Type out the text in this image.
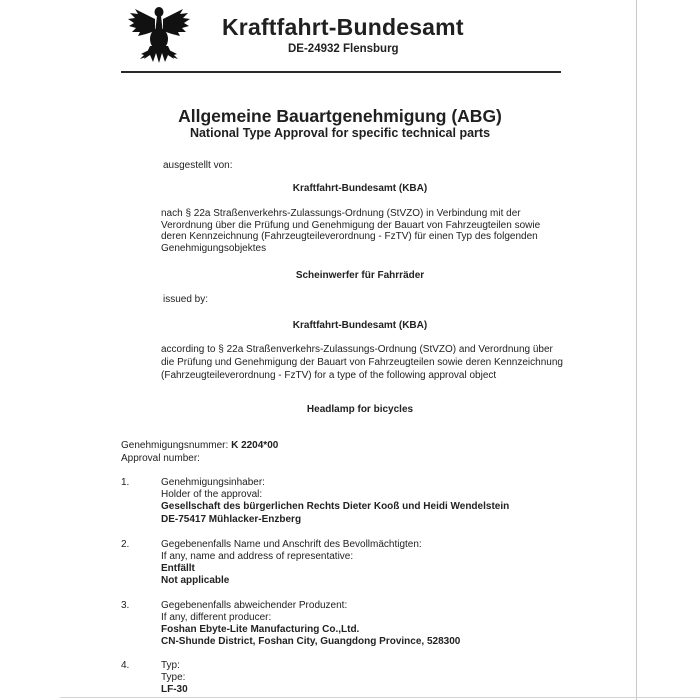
Kraftfahrt-Bundesamt
DE-24932 Flensburg
Allgemeine Bauartgenehmigung (ABG)
National Type Approval for specific technical parts
ausgestellt von:
Kraftfahrt-Bundesamt (KBA)
nach § 22a Straßenverkehrs-Zulassungs-Ordnung (StVZO) in Verbindung mit der Verordnung über die Prüfung und Genehmigung der Bauart von Fahrzeugteilen sowie deren Kennzeichnung (Fahrzeugteileverordnung - FzTV) für einen Typ des folgenden Genehmigungsobjektes
Scheinwerfer für Fahrräder
issued by:
Kraftfahrt-Bundesamt (KBA)
according to § 22a Straßenverkehrs-Zulassungs-Ordnung (StVZO) and Verordnung über die Prüfung und Genehmigung der Bauart von Fahrzeugteilen sowie deren Kennzeichnung (Fahrzeugteileverordnung - FzTV) for a type of the following approval object
Headlamp for bicycles
Genehmigungsnummer: K 2204*00
Approval number:
1.	Genehmigungsinhaber:
Holder of the approval:
Gesellschaft des bürgerlichen Rechts Dieter Kooß und Heidi Wendelstein
DE-75417 Mühlacker-Enzberg
2.	Gegebenenfalls Name und Anschrift des Bevollmächtigten:
If any, name and address of representative:
Entfällt
Not applicable
3.	Gegebenenfalls abweichender Produzent:
If any, different producer:
Foshan Ebyte-Lite Manufacturing Co.,Ltd.
CN-Shunde District, Foshan City, Guangdong Province, 528300
4.	Typ:
Type:
LF-30
